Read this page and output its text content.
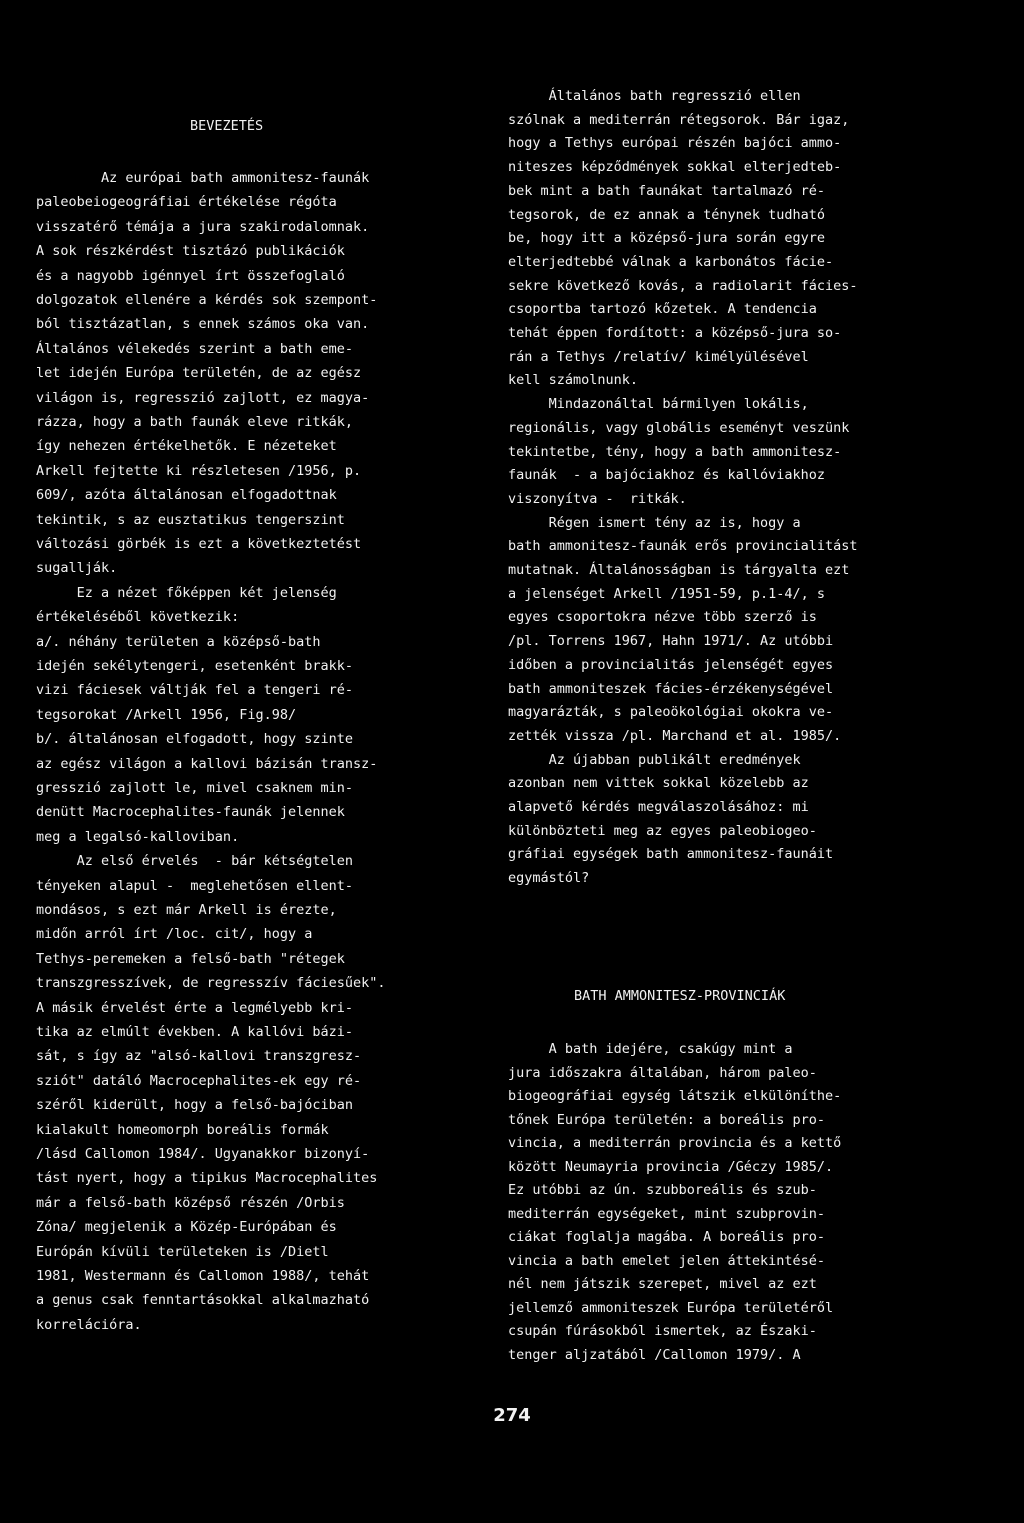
BEVEZETÉS
Az európai bath ammonitesz-faunák
paleobeiogeográfiai értékelése régóta
visszatérő témája a jura szakirodalomnak.
A sok részkérdést tisztázó publikációk
és a nagyobb igénnyel írt összefoglaló
dolgozatok ellenére a kérdés sok szempont-
ból tisztázatlan, s ennek számos oka van.
Általános vélekedés szerint a bath eme-
let idején Európa területén, de az egész
világon is, regresszió zajlott, ez magya-
rázza, hogy a bath faunák eleve ritkák,
így nehezen értékelhetők. E nézeteket
Arkell fejtette ki részletesen /1956, p.
609/, azóta általánosan elfogadottnak
tekintik, s az eusztatikus tengerszint
változási görbék is ezt a következtetést
sugallják.
Ez a nézet főképpen két jelenség
értékeléséből következik:
a/. néhány területen a középső-bath
idején sekélytengeri, esetenként brakk-
vizi fáciesek váltják fel a tengeri ré-
tegsorokat /Arkell 1956, Fig.98/
b/. általánosan elfogadott, hogy szinte
az egész világon a kallovi bázisán transz-
gresszió zajlott le, mivel csaknem min-
denütt Macrocephalites-faunák jelennek
meg a legalsó-kalloviban.
Az első érvelés  - bár kétségtelen
tényeken alapul -  meglehetősen ellent-
mondásos, s ezt már Arkell is érezte,
midőn arról írt /loc. cit/, hogy a
Tethys-peremeken a felső-bath "rétegek
transzgresszívek, de regresszív fáciesűek".
A másik érvelést érte a legmélyebb kri-
tika az elmúlt években. A kallóvi bázi-
sát, s így az "alsó-kallovi transzgresz-
sziót" datáló Macrocephalites-ek egy ré-
széről kiderült, hogy a felső-bajóciban
kialakult homeomorph boreális formák
/lásd Callomon 1984/. Ugyanakkor bizonyí-
tást nyert, hogy a tipikus Macrocephalites
már a felső-bath középső részén /Orbis
Zóna/ megjelenik a Közép-Európában és
Európán kívüli területeken is /Dietl
1981, Westermann és Callomon 1988/, tehát
a genus csak fenntartásokkal alkalmazható
korrelációra.
BATH AMMONITESZ-PROVINCIÁK
Általános bath regresszió ellen
szólnak a mediterrán rétegsorok. Bár igaz,
hogy a Tethys európai részén bajóci ammo-
niteszes képződmények sokkal elterjedteb-
bek mint a bath faunákat tartalmazó ré-
tegsorok, de ez annak a ténynek tudható
be, hogy itt a középső-jura során egyre
elterjedtebbé válnak a karbonátos fácie-
sekre következő kovás, a radiolarit fácies-
csoportba tartozó kőzetek. A tendencia
tehát éppen fordított: a középső-jura so-
rán a Tethys /relatív/ kimélyülésével
kell számolnunk.
Mindazonáltal bármilyen lokális,
regionális, vagy globális eseményt veszünk
tekintetbe, tény, hogy a bath ammonitesz-
faunák  - a bajóciakhoz és kallóviakhoz
viszonyítva -  ritkák.
Régen ismert tény az is, hogy a
bath ammonitesz-faunák erős provincialitást
mutatnak. Általánosságban is tárgyalta ezt
a jelenséget Arkell /1951-59, p.1-4/, s
egyes csoportokra nézve több szerző is
/pl. Torrens 1967, Hahn 1971/. Az utóbbi
időben a provincialitás jelenségét egyes
bath ammoniteszek fácies-érzékenységével
magyarázták, s paleoökológiai okokra ve-
zették vissza /pl. Marchand et al. 1985/.
Az újabban publikált eredmények
azonban nem vittek sokkal közelebb az
alapvető kérdés megválaszolásához: mi
különbözteti meg az egyes paleobiogeo-
gráfiai egységek bath ammonitesz-faunáit
egymástól?
A bath idejére, csakúgy mint a
jura időszakra általában, három paleo-
biogeográfiai egység látszik elkülöníthe-
tőnek Európa területén: a boreális pro-
vincia, a mediterrán provincia és a kettő
között Neumayria provincia /Géczy 1985/.
Ez utóbbi az ún. szubboreális és szub-
mediterrán egységeket, mint szubprovin-
ciákat foglalja magába. A boreális pro-
vincia a bath emelet jelen áttekintésé-
nél nem játszik szerepet, mivel az ezt
jellemző ammoniteszek Európa területéről
csupán fúrásokból ismertek, az Északi-
tenger aljzatából /Callomon 1979/. A
274
